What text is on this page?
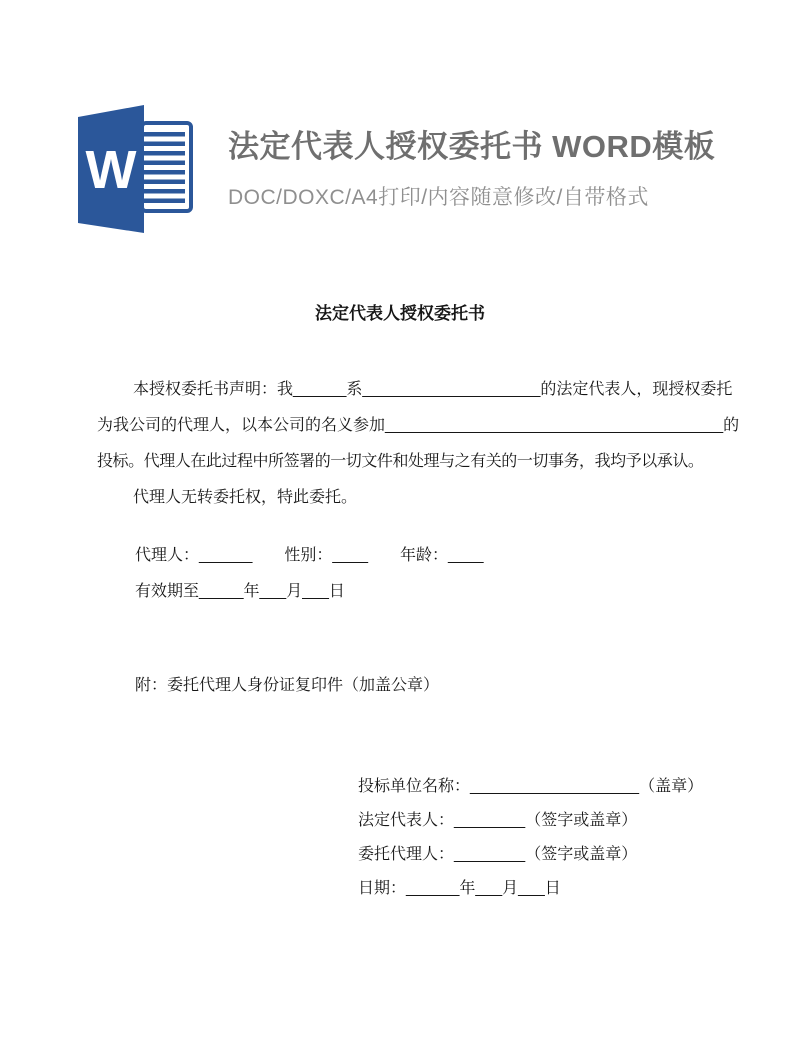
W	法定代表人授权委托书 WORD模板
DOC/DOXC/A4打印/内容随意修改/自带格式
法定代表人授权委托书
本授权委托书声明：我______系____________________的法定代表人，现授权委托
为我公司的代理人，以本公司的名义参加______________________________________的
投标。代理人在此过程中所签署的一切文件和处理与之有关的一切事务，我均予以承认。
代理人无转委托权，特此委托。
代理人：______　　性别：____　　年龄：____
有效期至_____年___月___日
附：委托代理人身份证复印件（加盖公章）
投标单位名称：___________________（盖章）
法定代表人：________（签字或盖章）
委托代理人：________（签字或盖章）
日期：______年___月___日
